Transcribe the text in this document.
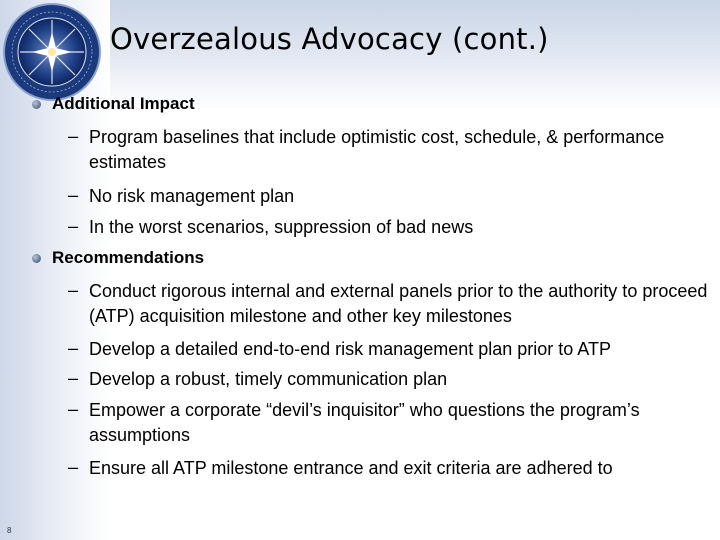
Overzealous Advocacy (cont.)
Additional Impact
– Program baselines that include optimistic cost, schedule, & performance estimates
– No risk management plan
– In the worst scenarios, suppression of bad news
Recommendations
– Conduct rigorous internal and external panels prior to the authority to proceed (ATP) acquisition milestone and other key milestones
– Develop a detailed end-to-end risk management plan prior to ATP
– Develop a robust, timely communication plan
– Empower a corporate “devil’s inquisitor” who questions the program’s assumptions
– Ensure all ATP milestone entrance and exit criteria are adhered to
8
